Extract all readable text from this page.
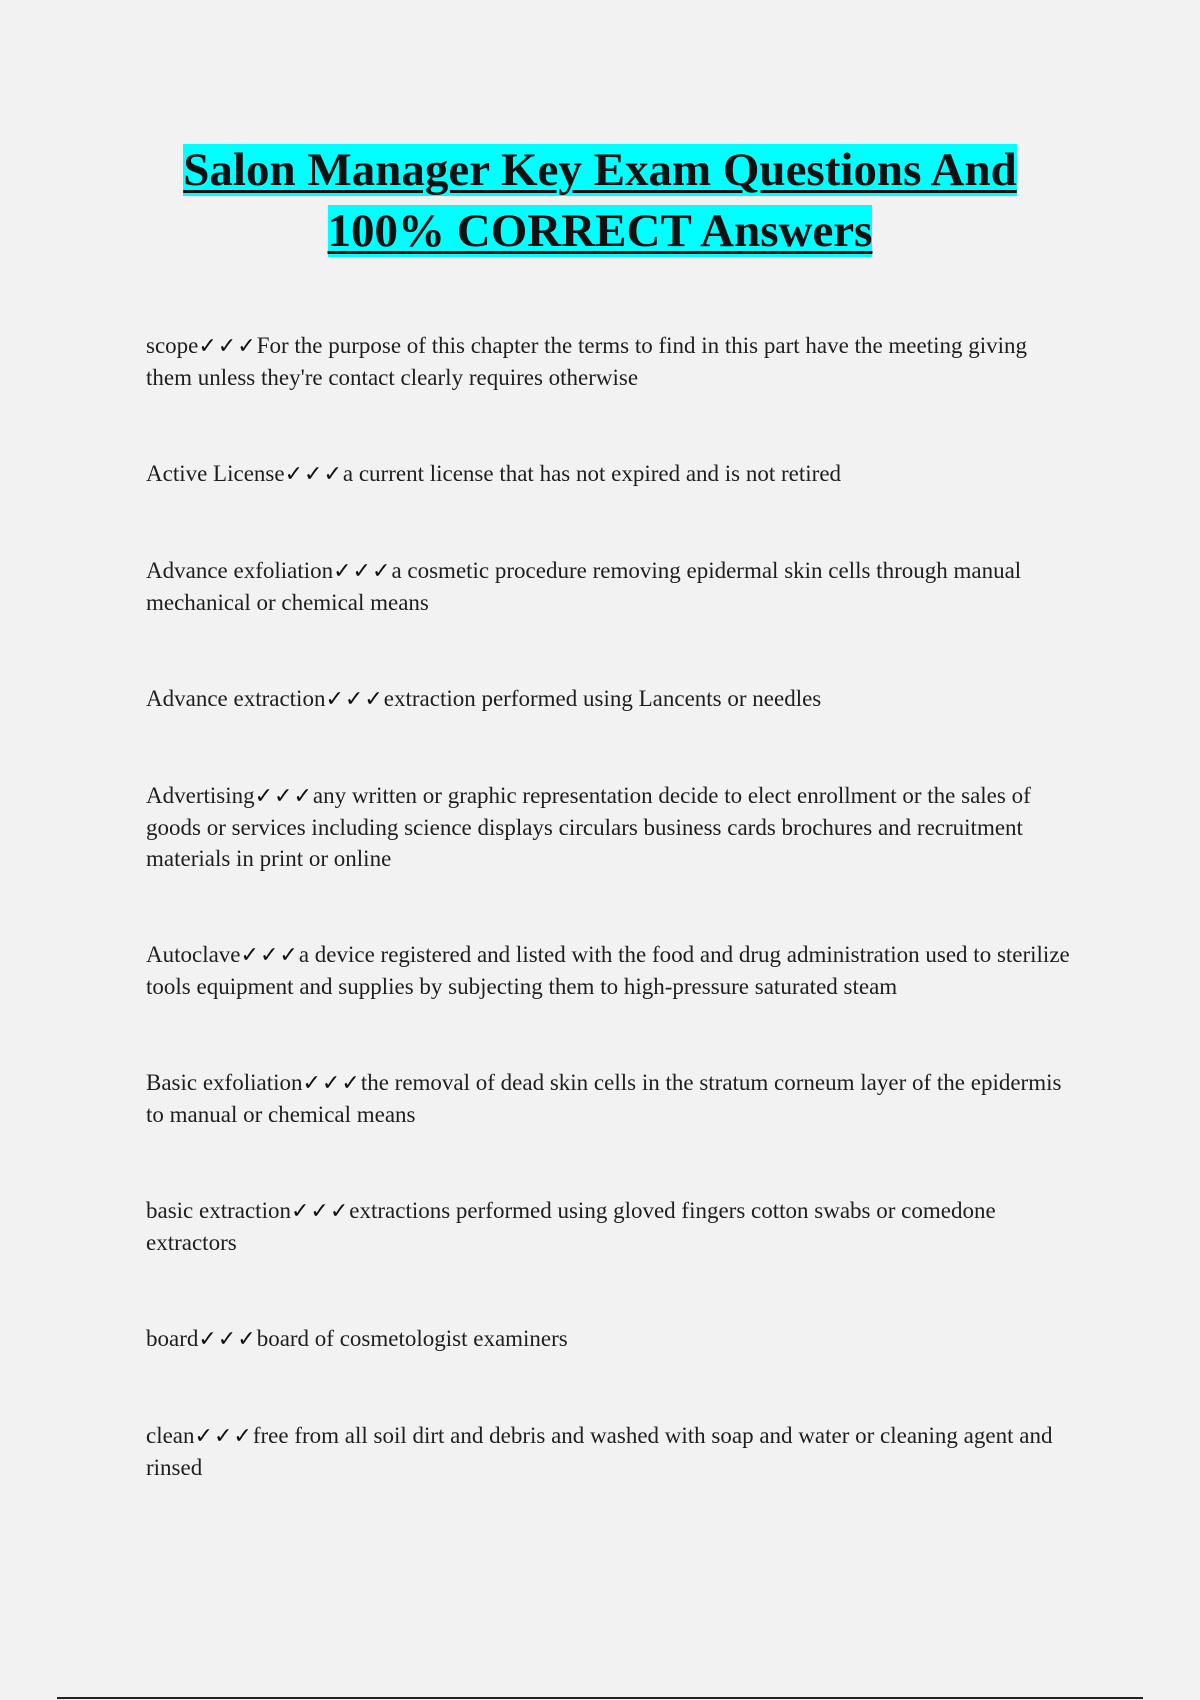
Salon Manager Key Exam Questions And
100% CORRECT Answers

scope✓✓✓For the purpose of this chapter the terms to find in this part have the meeting giving them unless they're contact clearly requires otherwise

Active License✓✓✓a current license that has not expired and is not retired

Advance exfoliation✓✓✓a cosmetic procedure removing epidermal skin cells through manual mechanical or chemical means

Advance extraction✓✓✓extraction performed using Lancents or needles

Advertising✓✓✓any written or graphic representation decide to elect enrollment or the sales of goods or services including science displays circulars business cards brochures and recruitment materials in print or online

Autoclave✓✓✓a device registered and listed with the food and drug administration used to sterilize tools equipment and supplies by subjecting them to high-pressure saturated steam

Basic exfoliation✓✓✓the removal of dead skin cells in the stratum corneum layer of the epidermis to manual or chemical means

basic extraction✓✓✓extractions performed using gloved fingers cotton swabs or comedone extractors

board✓✓✓board of cosmetologist examiners

clean✓✓✓free from all soil dirt and debris and washed with soap and water or cleaning agent and rinsed
